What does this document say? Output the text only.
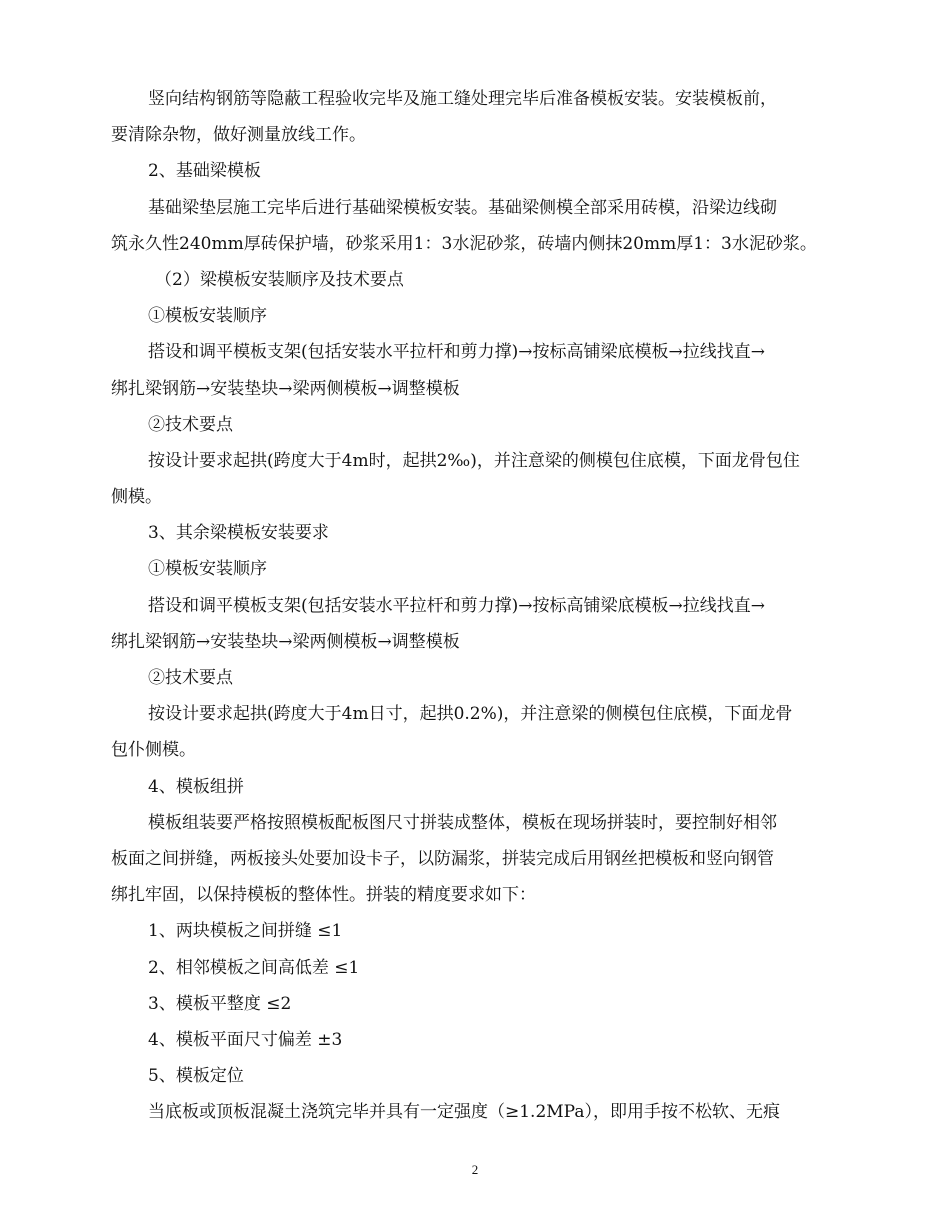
竖向结构钢筋等隐蔽工程验收完毕及施工缝处理完毕后准备模板安装。安装模板前，
要清除杂物，做好测量放线工作。
2、基础梁模板
基础梁垫层施工完毕后进行基础梁模板安装。基础梁侧模全部采用砖模，沿梁边线砌
筑永久性240mm厚砖保护墙，砂浆采用1：3水泥砂浆，砖墙内侧抹20mm厚1：3水泥砂浆。
（2）梁模板安装顺序及技术要点
①模板安装顺序
搭设和调平模板支架(包括安装水平拉杆和剪力撑)→按标高铺梁底模板→拉线找直→
绑扎梁钢筋→安装垫块→梁两侧模板→调整模板
②技术要点
按设计要求起拱(跨度大于4m时，起拱2‰)，并注意梁的侧模包住底模，下面龙骨包住
侧模。
3、其余梁模板安装要求
①模板安装顺序
搭设和调平模板支架(包括安装水平拉杆和剪力撑)→按标高铺梁底模板→拉线找直→
绑扎梁钢筋→安装垫块→梁两侧模板→调整模板
②技术要点
按设计要求起拱(跨度大于4m日寸，起拱0.2%)，并注意梁的侧模包住底模，下面龙骨
包仆侧模。
4、模板组拼
模板组装要严格按照模板配板图尺寸拼装成整体，模板在现场拼装时，要控制好相邻
板面之间拼缝，两板接头处要加设卡子，以防漏浆，拼装完成后用钢丝把模板和竖向钢管
绑扎牢固，以保持模板的整体性。拼装的精度要求如下：
1、两块模板之间拼缝 ≤1
2、相邻模板之间高低差 ≤1
3、模板平整度 ≤2
4、模板平面尺寸偏差 ±3
5、模板定位
当底板或顶板混凝土浇筑完毕并具有一定强度（≥1.2MPa），即用手按不松软、无痕
2
